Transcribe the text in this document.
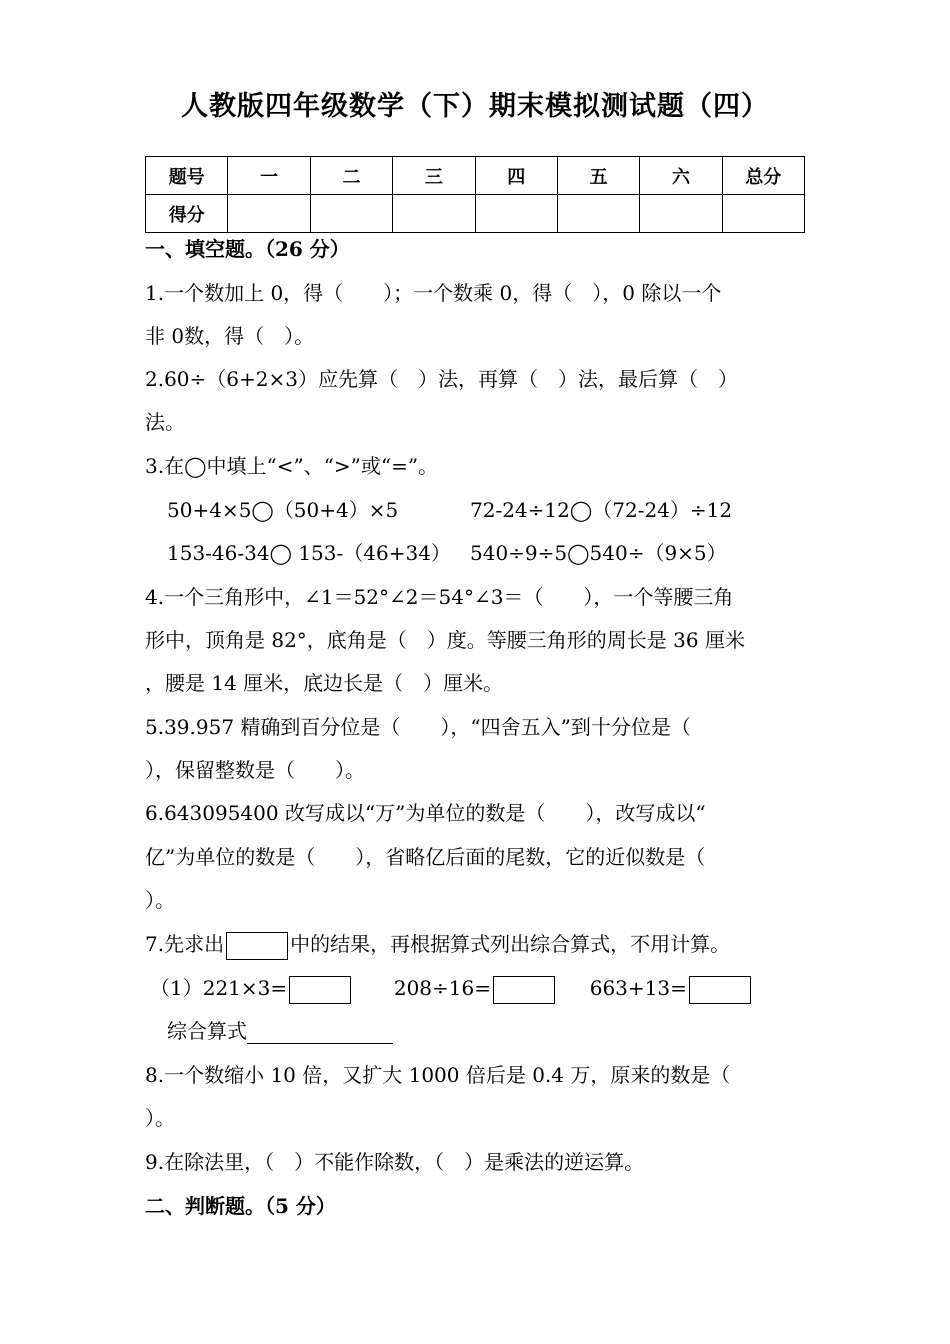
人教版四年级数学（下）期末模拟测试题（四）
题号	一	二	三	四	五	六	总分
得分							
一、填空题。（26 分）
1.一个数加上 0，得（　　）；一个数乘 0，得（　），0 除以一个
非 0数，得（　）。
2.60÷（6+2×3）应先算（　）法，再算（　）法，最后算（　）
法。
3.在◯中填上“<”、“>”或“=”。
50+4×5◯（50+4）×5	72-24÷12◯（72-24）÷12
153-46-34◯ 153-（46+34） 540÷9÷5◯540÷（9×5）
4.一个三角形中，∠1＝52°∠2＝54°∠3＝（　　），一个等腰三角
形中，顶角是 82°，底角是（　）度。等腰三角形的周长是 36 厘米
，腰是 14 厘米，底边长是（　）厘米。
5.39.957 精确到百分位是（　　），“四舍五入”到十分位是（
），保留整数是（　　）。
6.643095400 改写成以“万”为单位的数是（　　），改写成以“
亿”为单位的数是（　　），省略亿后面的尾数，它的近似数是（
）。
7.先求出	中的结果，再根据算式列出综合算式，不用计算。
（1）221×3=	208÷16=	663+13=
综合算式
8.一个数缩小 10 倍，又扩大 1000 倍后是 0.4 万，原来的数是（
）。
9.在除法里，（　）不能作除数，（　）是乘法的逆运算。
二、判断题。（5 分）
